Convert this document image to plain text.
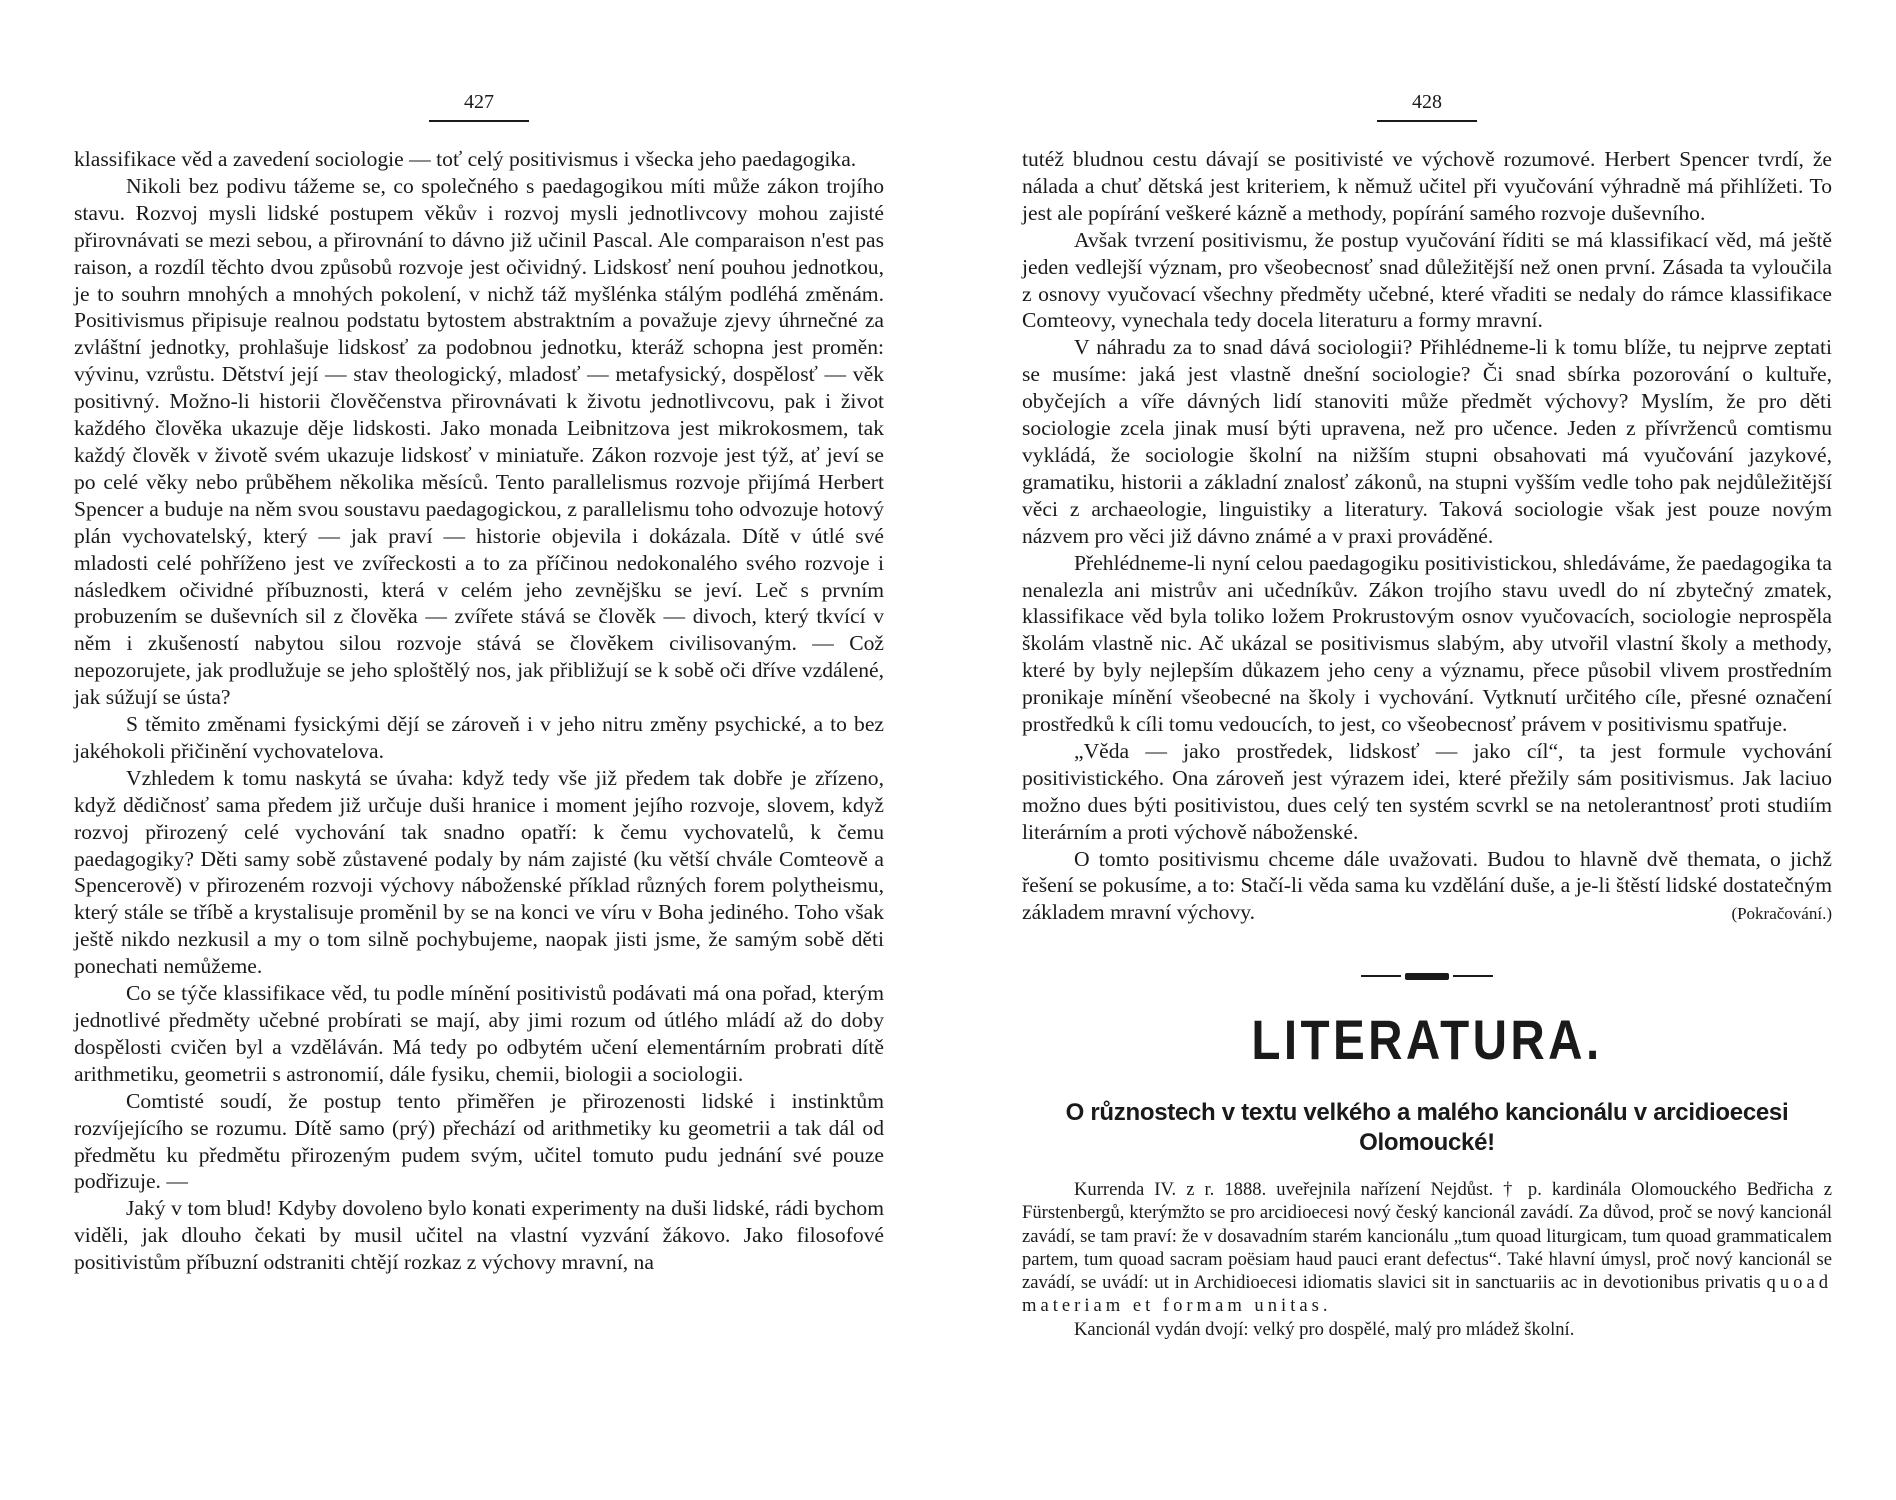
427

klassifikace věd a zavedení sociologie — toť celý positivismus i všecka jeho paedagogika.

Nikoli bez podivu tážeme se, co společného s paedagogikou míti může zákon trojího stavu. Rozvoj mysli lidské postupem věkův i rozvoj mysli jednotlivcovy mohou zajisté přirovnávati se mezi sebou, a přirovnání to dávno již učinil Pascal. Ale comparaison n'est pas raison, a rozdíl těchto dvou způsobů rozvoje jest očividný. Lidskosť není pouhou jednotkou, je to souhrn mnohých a mnohých pokolení, v nichž táž myšlénka stálým podléhá změnám. Positivismus připisuje realnou podstatu bytostem abstraktním a považuje zjevy úhrnečné za zvláštní jednotky, prohlašuje lidskosť za podobnou jednotku, kteráž schopna jest proměn: vývinu, vzrůstu. Dětství její — stav theologický, mladosť — metafysický, dospělosť — věk positivný. Možno-li historii člověčenstva přirovnávati k životu jednotlivcovu, pak i život každého člověka ukazuje děje lidskosti. Jako monada Leibnitzova jest mikrokosmem, tak každý člověk v životě svém ukazuje lidskosť v miniatuře. Zákon rozvoje jest týž, ať jeví se po celé věky nebo průběhem několika měsíců. Tento parallelismus rozvoje přijímá Herbert Spencer a buduje na něm svou soustavu paedagogickou, z parallelismu toho odvozuje hotový plán vychovatelský, který — jak praví — historie objevila i dokázala. Dítě v útlé své mladosti celé pohříženo jest ve zvířeckosti a to za příčinou nedokonalého svého rozvoje i následkem očividné příbuznosti, která v celém jeho zevnějšku se jeví. Leč s prvním probuzením se duševních sil z člověka — zvířete stává se člověk — divoch, který tkvící v něm i zkušeností nabytou silou rozvoje stává se člověkem civilisovaným. — Což nepozorujete, jak prodlužuje se jeho sploštělý nos, jak přibližují se k sobě oči dříve vzdálené, jak súžují se ústa?

S těmito změnami fysickými dějí se zároveň i v jeho nitru změny psychické, a to bez jakéhokoli přičinění vychovatelova.

Vzhledem k tomu naskytá se úvaha: když tedy vše již předem tak dobře je zřízeno, když dědičnosť sama předem již určuje duši hranice i moment jejího rozvoje, slovem, když rozvoj přirozený celé vychování tak snadno opatří: k čemu vychovatelů, k čemu paedagogiky? Děti samy sobě zůstavené podaly by nám zajisté (ku větší chvále Comteově a Spencerově) v přirozeném rozvoji výchovy náboženské příklad různých forem polytheismu, který stále se tříbě a krystalisuje proměnil by se na konci ve víru v Boha jediného. Toho však ještě nikdo nezkusil a my o tom silně pochybujeme, naopak jisti jsme, že samým sobě děti ponechati nemůžeme.

Co se týče klassifikace věd, tu podle mínění positivistů podávati má ona pořad, kterým jednotlivé předměty učebné probírati se mají, aby jimi rozum od útlého mládí až do doby dospělosti cvičen byl a vzděláván. Má tedy po odbytém učení elementárním probrati dítě arithmetiku, geometrii s astronomií, dále fysiku, chemii, biologii a sociologii.

Comtisté soudí, že postup tento přiměřen je přirozenosti lidské i instinktům rozvíjejícího se rozumu. Dítě samo (prý) přechází od arithmetiky ku geometrii a tak dál od předmětu ku předmětu přirozeným pudem svým, učitel tomuto pudu jednání své pouze podřizuje. —

Jaký v tom blud! Kdyby dovoleno bylo konati experimenty na duši lidské, rádi bychom viděli, jak dlouho čekati by musil učitel na vlastní vyzvání žákovo. Jako filosofové positivistům příbuzní odstraniti chtějí rozkaz z výchovy mravní, na

428

tutéž bludnou cestu dávají se positivisté ve výchově rozumové. Herbert Spencer tvrdí, že nálada a chuť dětská jest kriteriem, k němuž učitel při vyučování výhradně má přihlížeti. To jest ale popírání veškeré kázně a methody, popírání samého rozvoje duševního.

Avšak tvrzení positivismu, že postup vyučování říditi se má klassifikací věd, má ještě jeden vedlejší význam, pro všeobecnosť snad důležitější než onen první. Zásada ta vyloučila z osnovy vyučovací všechny předměty učebné, které vřaditi se nedaly do rámce klassifikace Comteovy, vynechala tedy docela literaturu a formy mravní.

V náhradu za to snad dává sociologii? Přihlédneme-li k tomu blíže, tu nejprve zeptati se musíme: jaká jest vlastně dnešní sociologie? Či snad sbírka pozorování o kultuře, obyčejích a víře dávných lidí stanoviti může předmět výchovy? Myslím, že pro děti sociologie zcela jinak musí býti upravena, než pro učence. Jeden z přívrženců comtismu vykládá, že sociologie školní na nižším stupni obsahovati má vyučování jazykové, gramatiku, historii a základní znalosť zákonů, na stupni vyšším vedle toho pak nejdůležitější věci z archaeologie, linguistiky a literatury. Taková sociologie však jest pouze novým názvem pro věci již dávno známé a v praxi prováděné.

Přehlédneme-li nyní celou paedagogiku positivistickou, shledáváme, že paedagogika ta nenalezla ani mistrův ani učedníkův. Zákon trojího stavu uvedl do ní zbytečný zmatek, klassifikace věd byla toliko ložem Prokrustovým osnov vyučovacích, sociologie neprospěla školám vlastně nic. Ač ukázal se positivismus slabým, aby utvořil vlastní školy a methody, které by byly nejlepším důkazem jeho ceny a významu, přece působil vlivem prostředním pronikaje mínění všeobecné na školy i vychování. Vytknutí určitého cíle, přesné označení prostředků k cíli tomu vedoucích, to jest, co všeobecnosť právem v positivismu spatřuje.

„Věda — jako prostředek, lidskosť — jako cíl“, ta jest formule vychování positivistického. Ona zároveň jest výrazem idei, které přežily sám positivismus. Jak laciuo možno dues býti positivistou, dues celý ten systém scvrkl se na netolerantnosť proti studiím literárním a proti výchově náboženské.

O tomto positivismu chceme dále uvažovati. Budou to hlavně dvě themata, o jichž řešení se pokusíme, a to: Stačí-li věda sama ku vzdělání duše, a je-li štěstí lidské dostatečným základem mravní výchovy.	(Pokračování.)

LITERATURA.
O různostech v textu velkého a malého kancionálu v arcidioecesi Olomoucké!

Kurrenda IV. z r. 1888. uveřejnila nařízení Nejdůst. † p. kardinála Olomouckého Bedřicha z Fürstenbergů, kterýmžto se pro arcidioecesi nový český kancionál zavádí. Za důvod, proč se nový kancionál zavádí, se tam praví: že v dosavadním starém kancionálu „tum quoad liturgicam, tum quoad grammaticalem partem, tum quoad sacram poësiam haud pauci erant defectus“. Také hlavní úmysl, proč nový kancionál se zavádí, se uvádí: ut in Archidioecesi idiomatis slavici sit in sanctuariis ac in devotionibus privatis quoad materiam et formam unitas.

Kancionál vydán dvojí: velký pro dospělé, malý pro mládež školní.
